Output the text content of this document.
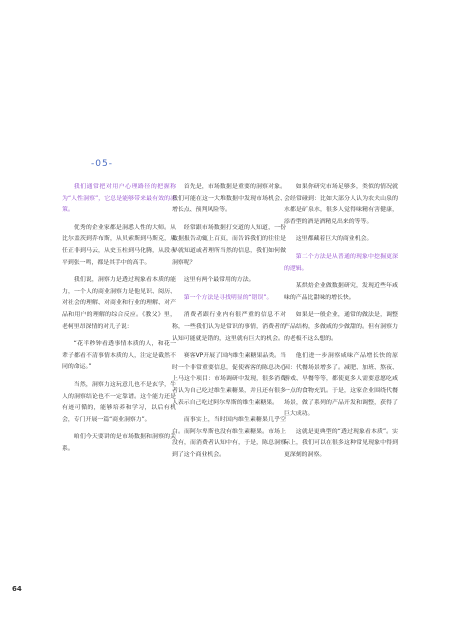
-05-

我们通常把对用户心理路径的把握称为“人性洞察”，它总是能够带来最有效的决策。

优秀的企业家都是洞悉人性的大师。从比尔盖茨到乔布斯，从贝索斯到马斯克，从任正非到马云，从史玉柱到马化腾，从段永平到张一鸣，都是其手中的高手。

我们说，洞察力是透过现象看本质的能力，一个人的商业洞察力是他见识、阅历、对社会的理解、对商业和行业的理解、对产品和用户的理解的综合反应。《教父》里，老柯里昂深情的对儿子说：

“花半秒钟看透事情本质的人，和花一辈子都看不清事情本质的人，注定是截然不同的命运。”

当然，洞察力这玩意儿也不是玄学，牛人的洞察结论也不一定靠谱。这个能力还是有迹可循的，能够培养和学习，以后有机会，专门开展一篇“商业洞察力”。

咱们今天要讲的是市场数据和洞察的关系。

首先是，市场数据是重要的洞察对象。我们可能在这一大堆数据中发现市场机会、增长点、预判风险等。

经常跟市场数据打交道的人知道，一份数据报告动辄上百页，而告诉我们的往往是早就知道或者理所当然的信息，我们如何做洞察呢？

这里有两个最常用的方法。

第一个方法是寻找明显的“错误”。

消费者跟行业内有很严重的信息不对称，一些我们认为是常识的事情，消费者的认知可能就是错的，这里就有巨大的机会。

赛客VP开展了国内维生素糖果品类。当时一个非常重要信息，促使赛客的陈总决心上马这个项目：市场调研中发现，很多消费者认为自己吃过维生素糖果，并且还有很多人表示自己吃过阿尔卑斯的维生素糖果。

而事实上，当时国内维生素糖果几乎空白。而阿尔卑斯也没有维生素糖果。市场上没有，而消费者认知中有，于是，陈总洞察到了这个商业机会。

如果你研究市场足够多，类似的情况就会经常碰到：比如大部分人认为农夫山泉的水都是矿泉水，很多人觉得味精有害健康，添香型的酒是酒精兑出来的等等。

这里都藏着巨大的商业机会。

第二个方法是从普通的现象中挖掘更深的逻辑。

某烘焙企业做数据研究，发现近些年咸味的产品比甜味的增长快。

如果是一般企业，通常的做法是，调整产品结构，多做咸的少做甜的。但有洞察力的老板不这么想的。

他们进一步洞察咸味产品增长快的原因：代餐场景增多了。减肥、加班、熬夜、游戏、早餐等等，都使更多人需要意愿吃咸一点的食物充饥。于是，这家企业围绕代餐场景，做了系列的产品开发和调整，获得了巨大成功。

这就是更典型的“透过现象看本质”。实际上，我们可以在很多这种常见现象中得到更深刻的洞察。

64
